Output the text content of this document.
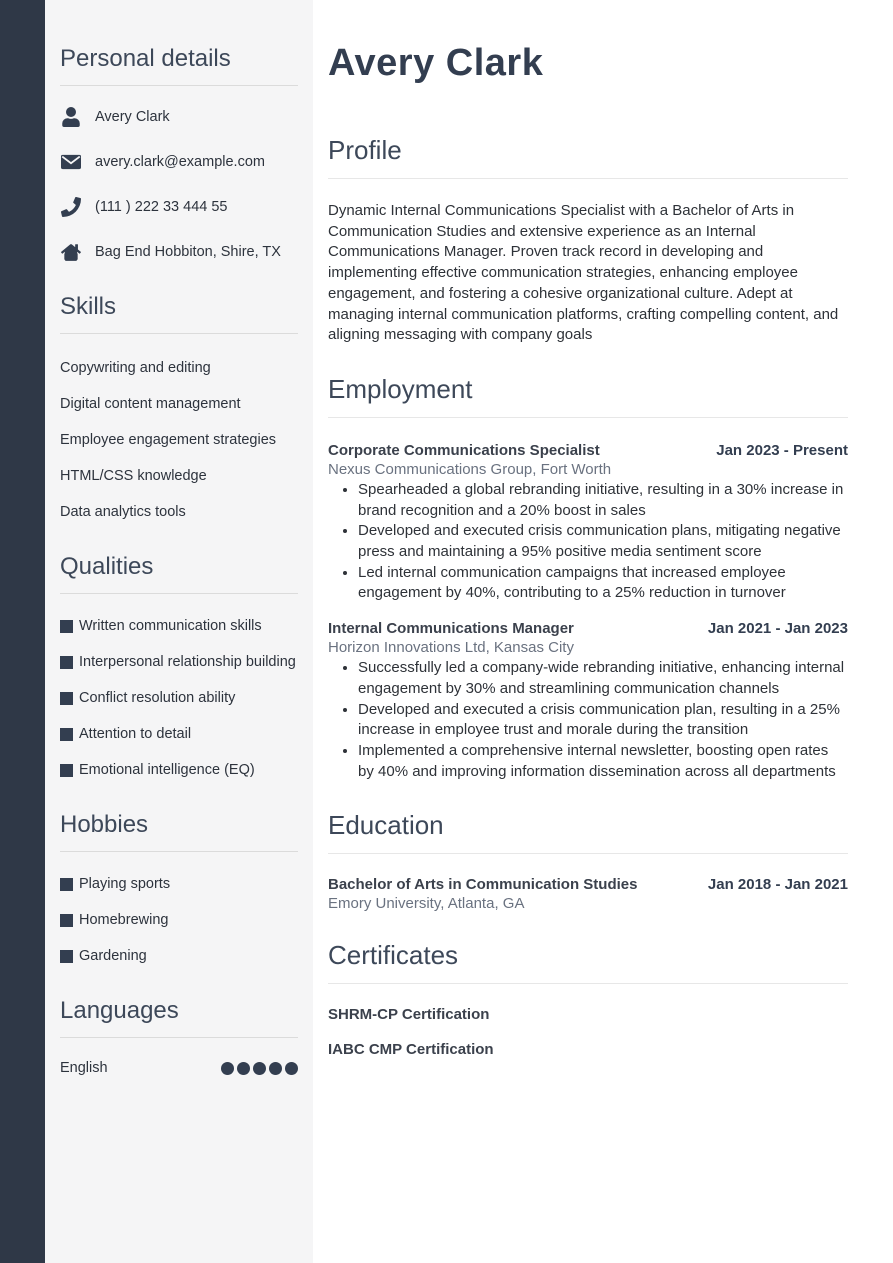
Personal details
Avery Clark
avery.clark@example.com
(111 ) 222 33 444 55
Bag End Hobbiton, Shire, TX
Skills
Copywriting and editing
Digital content management
Employee engagement strategies
HTML/CSS knowledge
Data analytics tools
Qualities
Written communication skills
Interpersonal relationship building
Conflict resolution ability
Attention to detail
Emotional intelligence (EQ)
Hobbies
Playing sports
Homebrewing
Gardening
Languages
English
Avery Clark
Profile

Dynamic Internal Communications Specialist with a Bachelor of Arts in Communication Studies and extensive experience as an Internal Communications Manager. Proven track record in developing and implementing effective communication strategies, enhancing employee engagement, and fostering a cohesive organizational culture. Adept at managing internal communication platforms, crafting compelling content, and aligning messaging with company goals

Employment
Corporate Communications Specialist	Jan 2023 - Present
Nexus Communications Group, Fort Worth
• Spearheaded a global rebranding initiative, resulting in a 30% increase in brand recognition and a 20% boost in sales
• Developed and executed crisis communication plans, mitigating negative press and maintaining a 95% positive media sentiment score
• Led internal communication campaigns that increased employee engagement by 40%, contributing to a 25% reduction in turnover
Internal Communications Manager	Jan 2021 - Jan 2023
Horizon Innovations Ltd, Kansas City
• Successfully led a company-wide rebranding initiative, enhancing internal engagement by 30% and streamlining communication channels
• Developed and executed a crisis communication plan, resulting in a 25% increase in employee trust and morale during the transition
• Implemented a comprehensive internal newsletter, boosting open rates by 40% and improving information dissemination across all departments
Education
Bachelor of Arts in Communication Studies	Jan 2018 - Jan 2021
Emory University, Atlanta, GA
Certificates
SHRM-CP Certification
IABC CMP Certification
